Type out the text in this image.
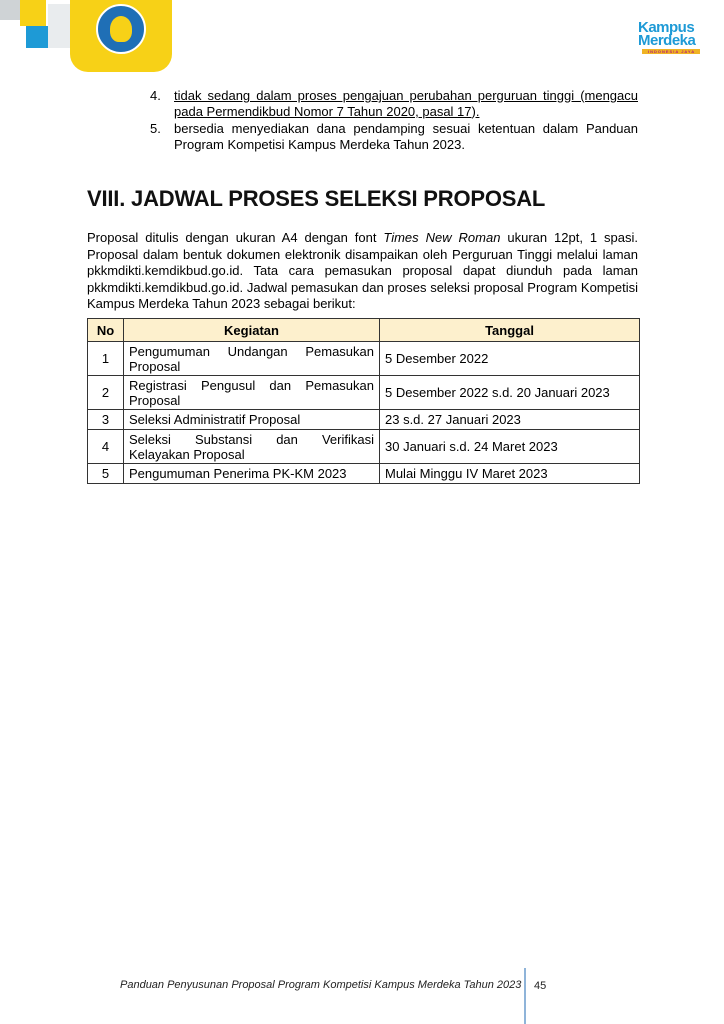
Kampus
Merdeka
INDONESIA JAYA
4. tidak sedang dalam proses pengajuan perubahan perguruan tinggi (mengacu pada Permendikbud Nomor 7 Tahun 2020, pasal 17).
5. bersedia menyediakan dana pendamping sesuai ketentuan dalam Panduan Program Kompetisi Kampus Merdeka Tahun 2023.
VIII. JADWAL PROSES SELEKSI PROPOSAL

Proposal ditulis dengan ukuran A4 dengan font Times New Roman ukuran 12pt, 1 spasi. Proposal dalam bentuk dokumen elektronik disampaikan oleh Perguruan Tinggi melalui laman pkkmdikti.kemdikbud.go.id. Tata cara pemasukan proposal dapat diunduh pada laman pkkmdikti.kemdikbud.go.id. Jadwal pemasukan dan proses seleksi proposal Program Kompetisi Kampus Merdeka Tahun 2023 sebagai berikut:

No	Kegiatan	Tanggal
1	Pengumuman Undangan Pemasukan Proposal	5 Desember 2022
2	Registrasi Pengusul dan Pemasukan Proposal	5 Desember 2022 s.d. 20 Januari 2023
3	Seleksi Administratif Proposal	23 s.d. 27 Januari 2023
4	Seleksi Substansi dan Verifikasi Kelayakan Proposal	30 Januari s.d. 24 Maret 2023
5	Pengumuman Penerima PK-KM 2023	Mulai Minggu IV Maret 2023
Panduan Penyusunan Proposal Program Kompetisi Kampus Merdeka Tahun 2023 45
